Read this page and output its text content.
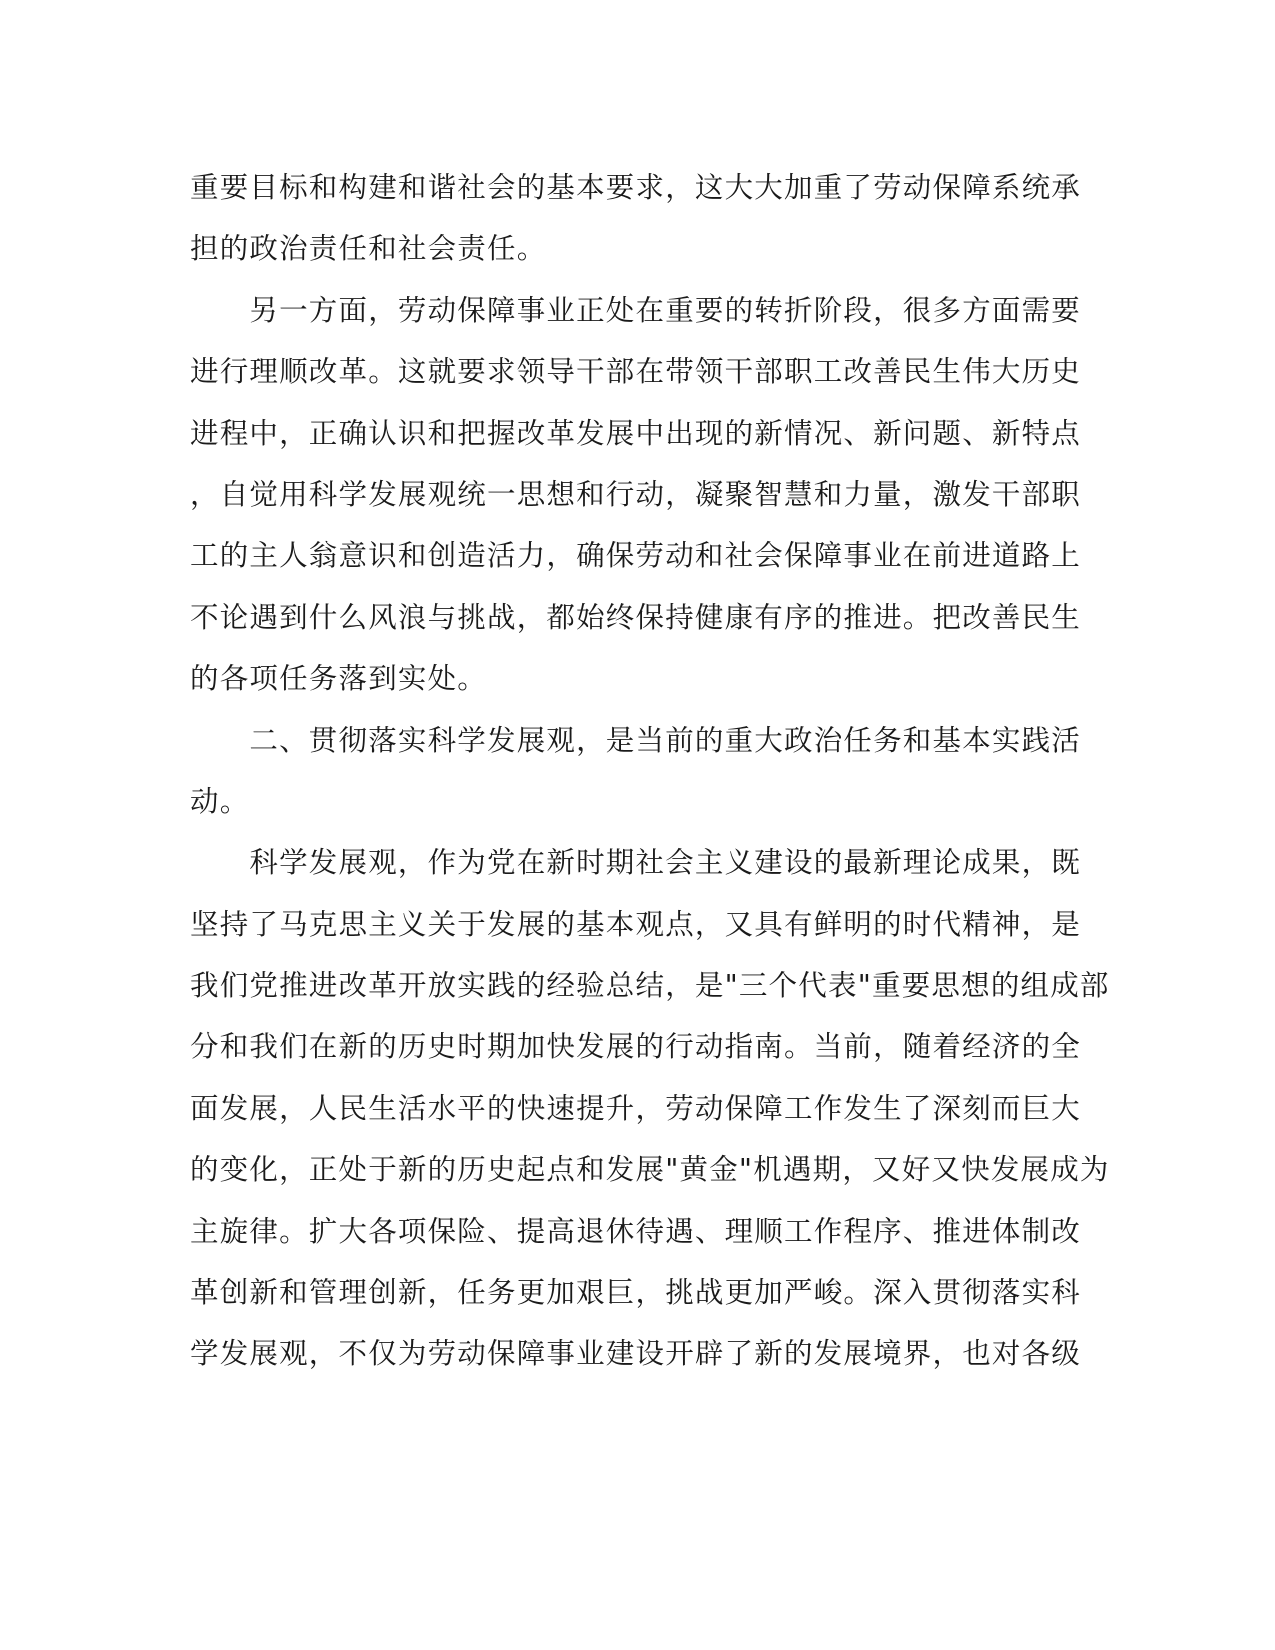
重要目标和构建和谐社会的基本要求，这大大加重了劳动保障系统承
担的政治责任和社会责任。
　　另一方面，劳动保障事业正处在重要的转折阶段，很多方面需要
进行理顺改革。这就要求领导干部在带领干部职工改善民生伟大历史
进程中，正确认识和把握改革发展中出现的新情况、新问题、新特点
，自觉用科学发展观统一思想和行动，凝聚智慧和力量，激发干部职
工的主人翁意识和创造活力，确保劳动和社会保障事业在前进道路上
不论遇到什么风浪与挑战，都始终保持健康有序的推进。把改善民生
的各项任务落到实处。
　　二、贯彻落实科学发展观，是当前的重大政治任务和基本实践活
动。
　　科学发展观，作为党在新时期社会主义建设的最新理论成果，既
坚持了马克思主义关于发展的基本观点，又具有鲜明的时代精神，是
我们党推进改革开放实践的经验总结，是"三个代表"重要思想的组成部
分和我们在新的历史时期加快发展的行动指南。当前，随着经济的全
面发展，人民生活水平的快速提升，劳动保障工作发生了深刻而巨大
的变化，正处于新的历史起点和发展"黄金"机遇期，又好又快发展成为
主旋律。扩大各项保险、提高退休待遇、理顺工作程序、推进体制改
革创新和管理创新，任务更加艰巨，挑战更加严峻。深入贯彻落实科
学发展观，不仅为劳动保障事业建设开辟了新的发展境界，也对各级
